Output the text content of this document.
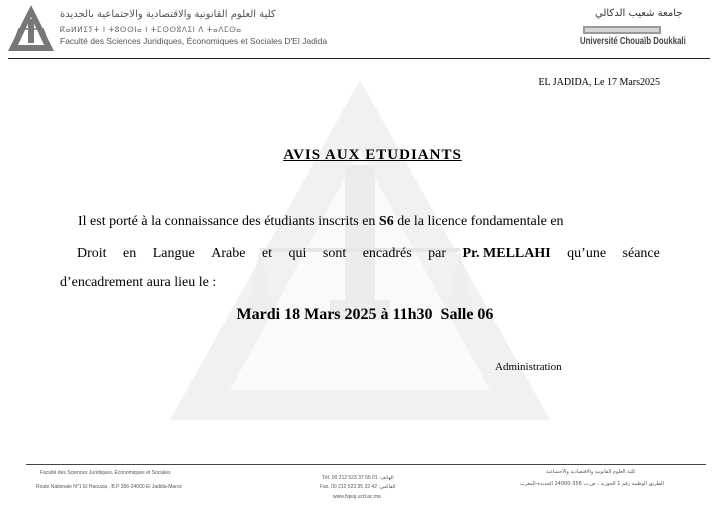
كلية العلوم القانونية والاقتصادية والاجتماعية بالجديدة
ⴽⴰⵍⵍⵉⵢⵜ ⵏ ⵜⵓⵙⵙⵏⴰ ⵏ ⵜⵎⵙⵙⵓⴷⵉⵏ ⴷ ⵜⴰⴷⵎⵙⴰ
Faculté des Sciences Juridiques, Économiques et Sociales D'El Jadida
جامعة شعيب الدكالي
Université Chouaïb Doukkali
EL JADIDA, Le 17 Mars2025
AVIS AUX ETUDIANTS
Il est porté à la connaissance des étudiants inscrits en S6 de la licence fondamentale en
Droit en Langue Arabe et qui sont encadrés par Pr. MELLAHI qu’une séance
d’encadrement aura lieu le :
Mardi 18 Mars 2025 à 11h30  Salle 06
Administration
Faculté des Sciences Juridiques, Économiques et Sociales
Route Nationale N°1 El Haouzia , B.P 356-24000 El Jadida-Maroc
Tél. 00 212 523 37 55 01 :الهاتف
Fax. 00 212 523 35 32 42 :الفاكس
www.fsjesj.ucd.ac.ma
كلية العلوم القانونية والاقتصادية والاجتماعية
الطريق الوطنية رقم 1 الحوزية ، ص.ب 356-24000 الجديدة-المغرب
